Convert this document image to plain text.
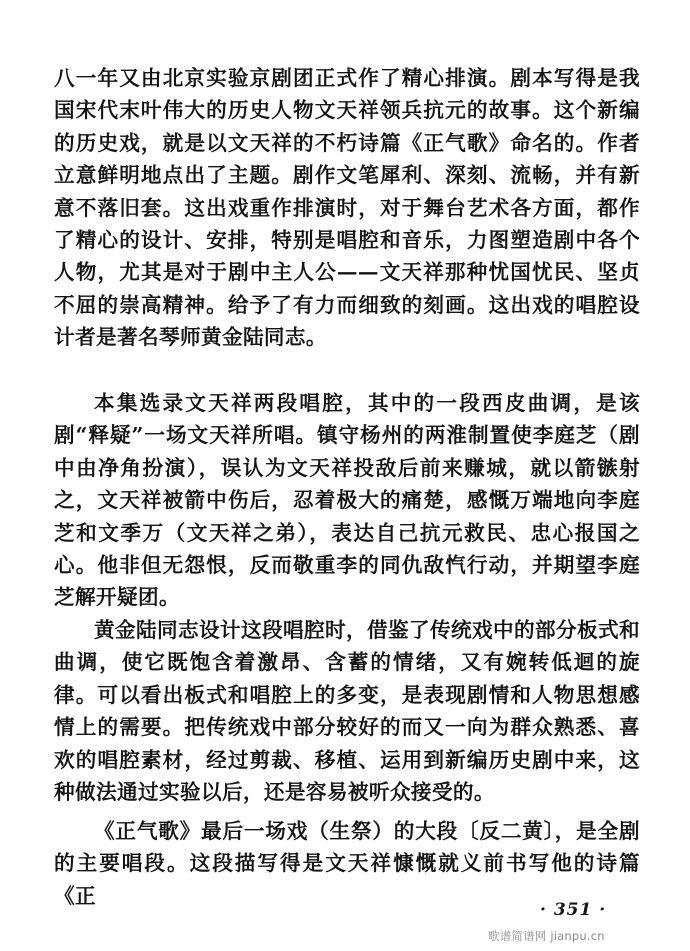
八一年又由北京实验京剧团正式作了精心排演。剧本写得是我国宋代末叶伟大的历史人物文天祥领兵抗元的故事。这个新编的历史戏，就是以文天祥的不朽诗篇《正气歌》命名的。作者立意鲜明地点出了主题。剧作文笔犀利、深刻、流畅，并有新意不落旧套。这出戏重作排演时，对于舞台艺术各方面，都作了精心的设计、安排，特别是唱腔和音乐，力图塑造剧中各个人物，尤其是对于剧中主人公——文天祥那种忧国忧民、坚贞不屈的崇高精神。给予了有力而细致的刻画。这出戏的唱腔设计者是著名琴师黄金陆同志。

本集选录文天祥两段唱腔，其中的一段西皮曲调，是该剧“释疑”一场文天祥所唱。镇守杨州的两淮制置使李庭芝（剧中由净角扮演），误认为文天祥投敌后前来赚城，就以箭镞射之，文天祥被箭中伤后，忍着极大的痛楚，感慨万端地向李庭芝和文季万（文天祥之弟），表达自己抗元救民、忠心报国之心。他非但无怨恨，反而敬重李的同仇敌忾行动，并期望李庭芝解开疑团。

黄金陆同志设计这段唱腔时，借鉴了传统戏中的部分板式和曲调，使它既饱含着激昂、含蓄的情绪，又有婉转低迴的旋律。可以看出板式和唱腔上的多变，是表现剧情和人物思想感情上的需要。把传统戏中部分较好的而又一向为群众熟悉、喜欢的唱腔素材，经过剪裁、移植、运用到新编历史剧中来，这种做法通过实验以后，还是容易被听众接受的。

《正气歌》最后一场戏（生祭）的大段〔反二黄〕，是全剧的主要唱段。这段描写得是文天祥慷慨就义前书写他的诗篇《正

· 351 ·
歌谱简谱网 jianpu.cn
